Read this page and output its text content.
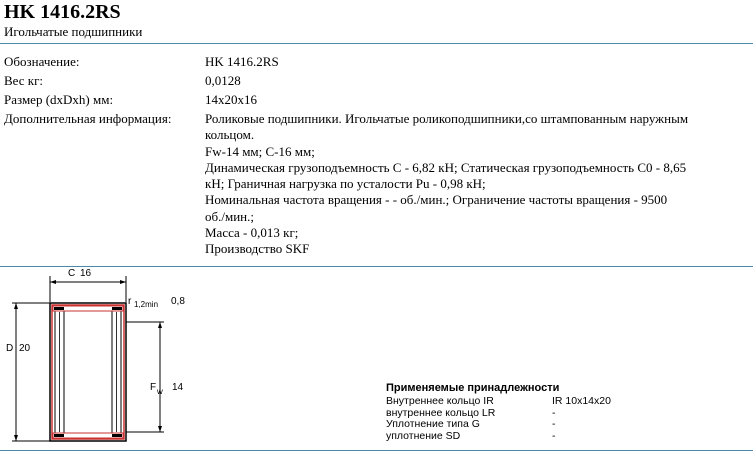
HK 1416.2RS
Игольчатые подшипники
Обозначение:	HK 1416.2RS
Вес кг:	0,0128
Размер (dxDxh) мм:	14x20x16
Дополнительная информация:	Роликовые подшипники. Игольчатые роликоподшипники,со штампованным наружным
кольцом.
Fw-14 мм; C-16 мм;
Динамическая грузоподъемность C - 6,82 кН; Статическая грузоподъемность C0 - 8,65
кН; Граничная нагрузка по усталости Pu - 0,98 кН;
Номинальная частота вращения - - об./мин.; Ограничение частоты вращения - 9500
об./мин.;
Масса - 0,013 кг;
Производство SKF
C 16
D 20
r 1,2min 0,8
F w 14	Применяемые принадлежности
Внутреннее кольцо IR	IR 10x14x20
внутреннее кольцо LR	-
Уплотнение типа G	-
уплотнение SD	-
